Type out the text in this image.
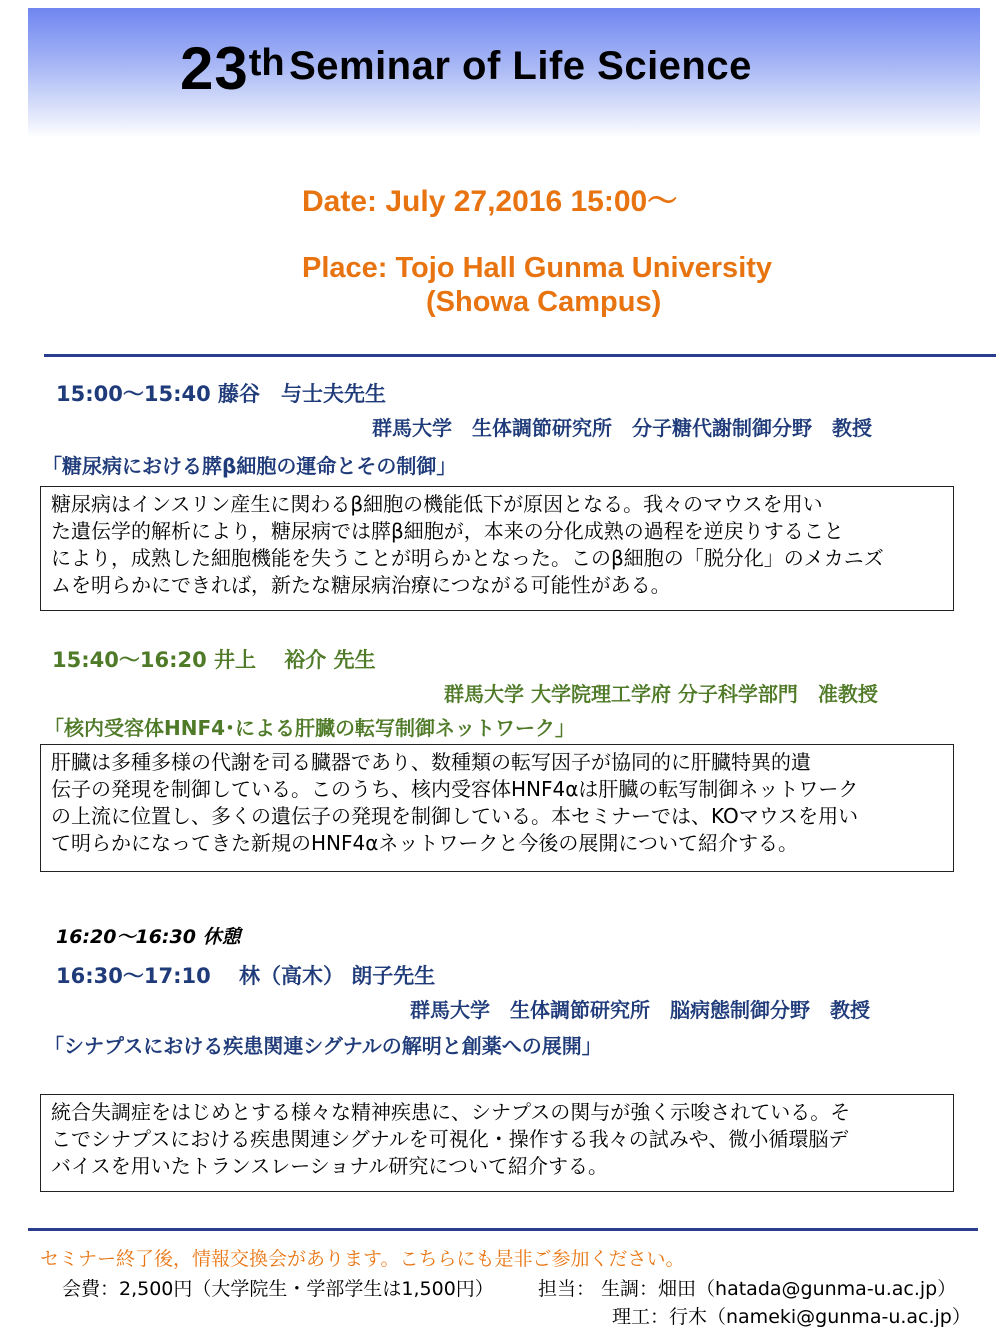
23th Seminar of Life Science
Date: July 27,2016 15:00～
Place: Tojo Hall Gunma University
(Showa Campus)
15:00～15:40 藤谷　与士夫先生
群馬大学　生体調節研究所　分子糖代謝制御分野　教授
「糖尿病における膵β細胞の運命とその制御」

糖尿病はインスリン産生に関わるβ細胞の機能低下が原因となる。我々のマウスを用い

た遺伝学的解析により，糖尿病では膵β細胞が，本来の分化成熟の過程を逆戻りすること

により，成熟した細胞機能を失うことが明らかとなった。このβ細胞の「脱分化」のメカニズ

ムを明らかにできれば，新たな糖尿病治療につながる可能性がある。

15:40～16:20 井上　 裕介 先生
群馬大学 大学院理工学府 分子科学部門　准教授
「核内受容体HNF4･による肝臓の転写制御ネットワーク」

肝臓は多種多様の代謝を司る臓器であり、数種類の転写因子が協同的に肝臓特異的遺

伝子の発現を制御している。このうち、核内受容体HNF4αは肝臓の転写制御ネットワーク

の上流に位置し、多くの遺伝子の発現を制御している。本セミナーでは、KOマウスを用い

て明らかになってきた新規のHNF4αネットワークと今後の展開について紹介する。

16:20～16:30 休憩
16:30～17:10　 林（高木） 朗子先生
群馬大学　生体調節研究所　脳病態制御分野　教授
「シナプスにおける疾患関連シグナルの解明と創薬への展開」

統合失調症をはじめとする様々な精神疾患に、シナプスの関与が強く示唆されている。そ

こでシナプスにおける疾患関連シグナルを可視化・操作する我々の試みや、微小循環脳デ

バイスを用いたトランスレーショナル研究について紹介する。

セミナー終了後，情報交換会があります。こちらにも是非ご参加ください。
会費：2,500円（大学院生・学部学生は1,500円） 担当： 生調：畑田（hatada@gunma-u.ac.jp）
理工：行木（nameki@gunma-u.ac.jp）
